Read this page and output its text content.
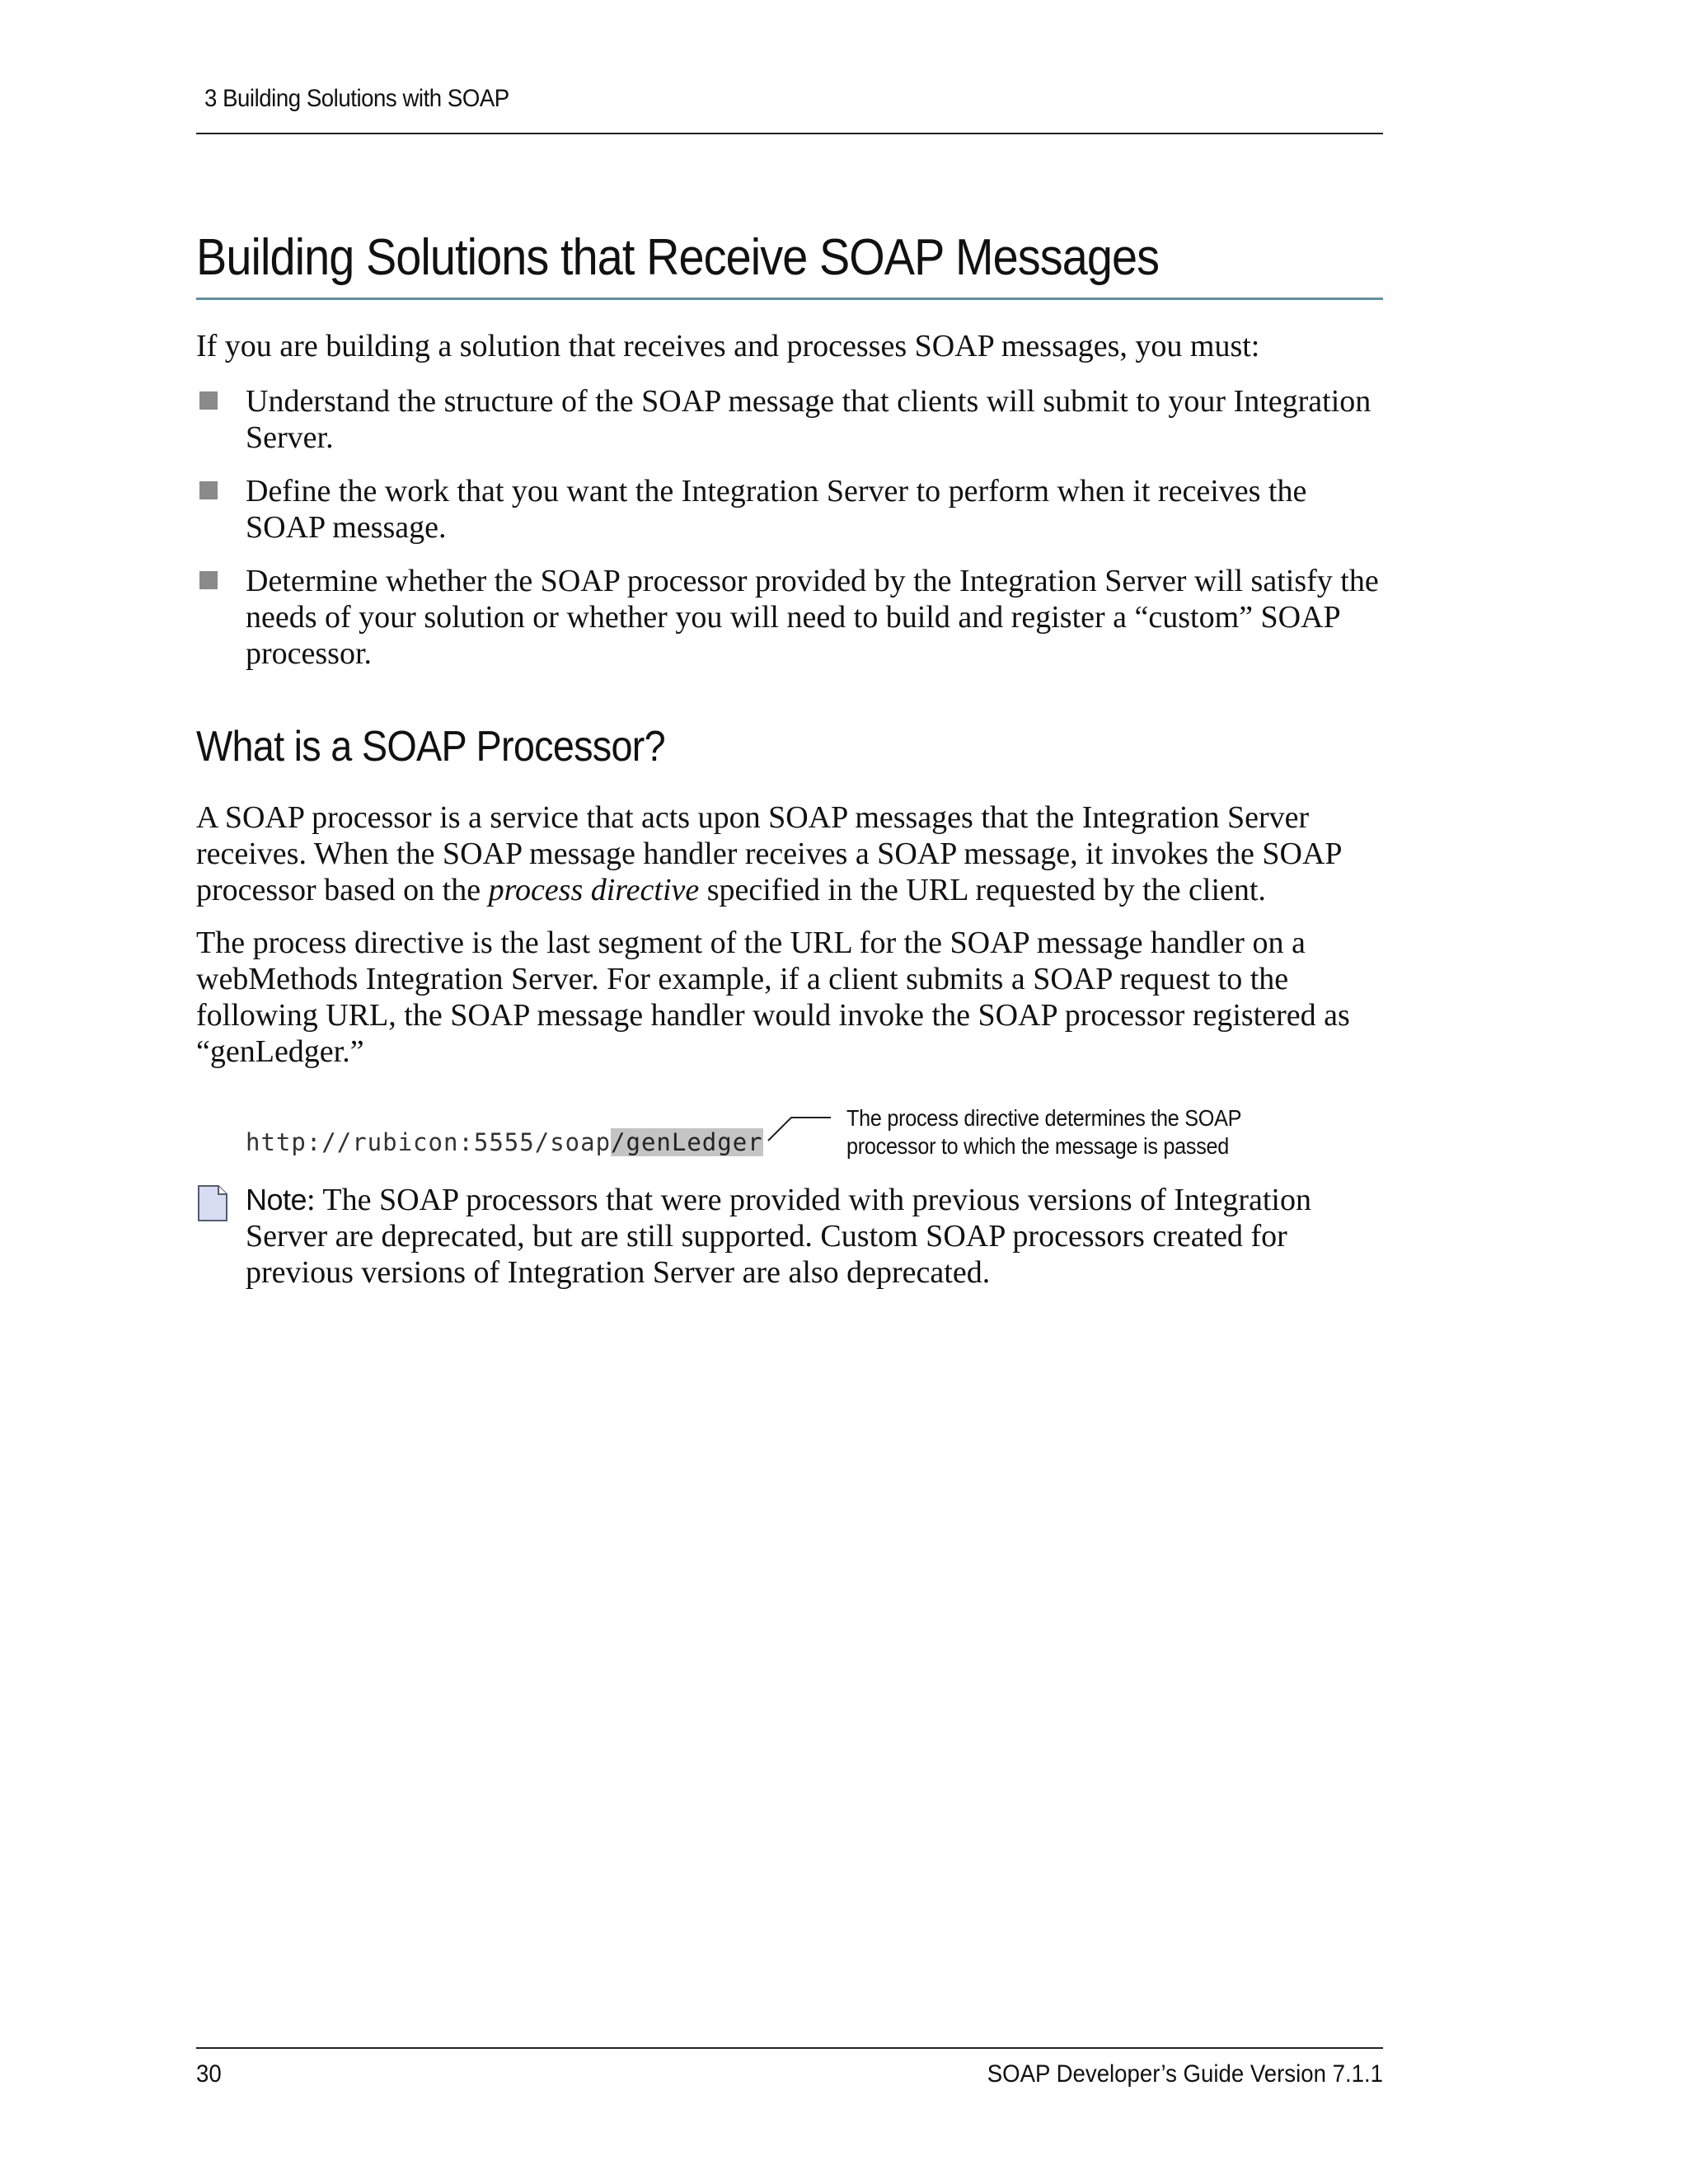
3 Building Solutions with SOAP
Building Solutions that Receive SOAP Messages

If you are building a solution that receives and processes SOAP messages, you must:

Understand the structure of the SOAP message that clients will submit to your Integration Server.
Define the work that you want the Integration Server to perform when it receives the SOAP message.
Determine whether the SOAP processor provided by the Integration Server will satisfy the needs of your solution or whether you will need to build and register a “custom” SOAP processor.
What is a SOAP Processor?

A SOAP processor is a service that acts upon SOAP messages that the Integration Server receives. When the SOAP message handler receives a SOAP message, it invokes the SOAP processor based on the process directive specified in the URL requested by the client.

The process directive is the last segment of the URL for the SOAP message handler on a webMethods Integration Server. For example, if a client submits a SOAP request to the following URL, the SOAP message handler would invoke the SOAP processor registered as “genLedger.”

http://rubicon:5555/soap/genLedger
The process directive determines the SOAP
processor to which the message is passed

Note: The SOAP processors that were provided with previous versions of Integration Server are deprecated, but are still supported. Custom SOAP processors created for previous versions of Integration Server are also deprecated.

30	SOAP Developer’s Guide Version 7.1.1
